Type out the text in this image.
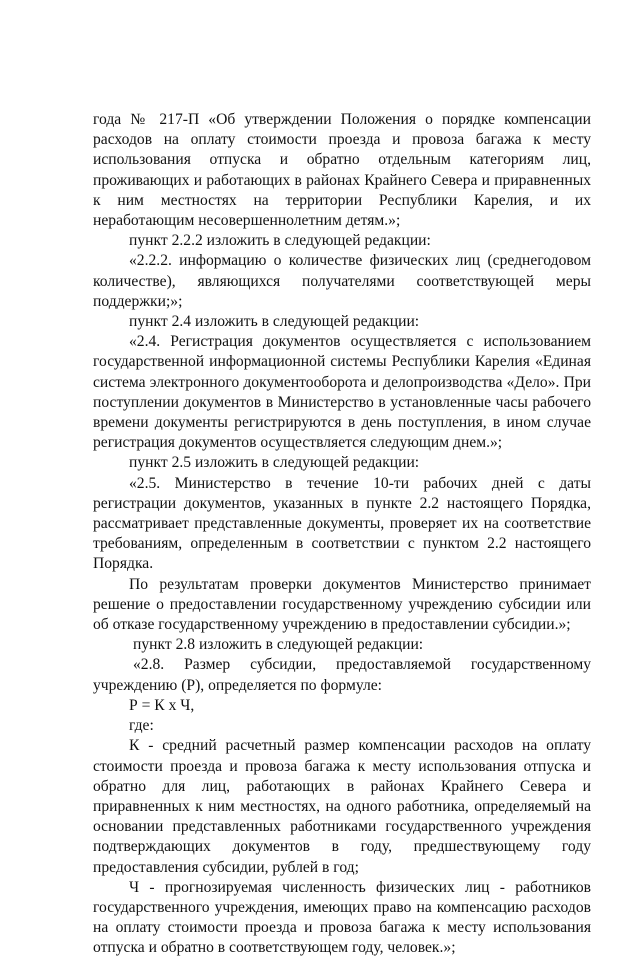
года № 217-П «Об утверждении Положения о порядке компенсации расходов на оплату стоимости проезда и провоза багажа к месту использования отпуска и обратно отдельным категориям лиц, проживающих и работающих в районах Крайнего Севера и приравненных к ним местностях на территории Республики Карелия, и их неработающим несовершеннолетним детям.»;

пункт 2.2.2 изложить в следующей редакции:

«2.2.2. информацию о количестве физических лиц (среднегодовом количестве), являющихся получателями соответствующей меры поддержки;»;

пункт 2.4 изложить в следующей редакции:

«2.4. Регистрация документов осуществляется с использованием государственной информационной системы Республики Карелия «Единая система электронного документооборота и делопроизводства «Дело». При поступлении документов в Министерство в установленные часы рабочего времени документы регистрируются в день поступления, в ином случае регистрация документов осуществляется следующим днем.»;

пункт 2.5 изложить в следующей редакции:

«2.5. Министерство в течение 10-ти рабочих дней с даты регистрации документов, указанных в пункте 2.2 настоящего Порядка, рассматривает представленные документы, проверяет их на соответствие требованиям, определенным в соответствии с пунктом 2.2 настоящего Порядка.

По результатам проверки документов Министерство принимает решение о предоставлении государственному учреждению субсидии или об отказе государственному учреждению в предоставлении субсидии.»;

пункт 2.8 изложить в следующей редакции:

«2.8. Размер субсидии, предоставляемой государственному учреждению (Р), определяется по формуле:

Р = К х Ч,

где:

К - средний расчетный размер компенсации расходов на оплату стоимости проезда и провоза багажа к месту использования отпуска и обратно для лиц, работающих в районах Крайнего Севера и приравненных к ним местностях, на одного работника, определяемый на основании представленных работниками государственного учреждения подтверждающих документов в году, предшествующему году предоставления субсидии, рублей в год;

Ч - прогнозируемая численность физических лиц - работников государственного учреждения, имеющих право на компенсацию расходов на оплату стоимости проезда и провоза багажа к месту использования отпуска и обратно в соответствующем году, человек.»;
